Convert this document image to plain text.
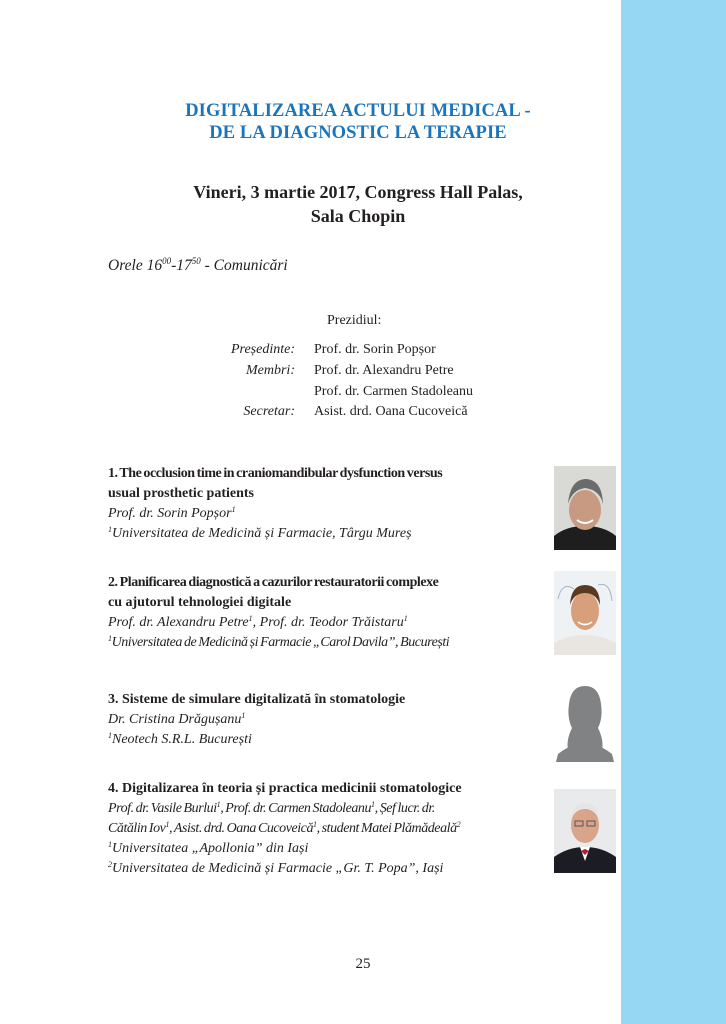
DIGITALIZAREA ACTULUI MEDICAL -
DE LA DIAGNOSTIC LA TERAPIE
Vineri, 3 martie 2017, Congress Hall Palas,
Sala Chopin
Orele $16^{00}-17^{50}$ - Comunicări
Prezidiul:
Președinte: Prof. dr. Sorin Popșor
Membri: Prof. dr. Alexandru Petre
Prof. dr. Carmen Stadoleanu
Secretar: Asist. drd. Oana Cucoveică
1. The occlusion time in craniomandibular dysfunction versus
usual prosthetic patients
Prof. dr. Sorin Popșor$^1$
$^1$Universitatea de Medicină și Farmacie, Târgu Mureș
2. Planificarea diagnostică a cazurilor restauratorii complexe
cu ajutorul tehnologiei digitale
Prof. dr. Alexandru Petre$^1$, Prof. dr. Teodor Trăistaru$^1$
$^1$Universitatea de Medicină și Farmacie „Carol Davila”, București
3. Sisteme de simulare digitalizată în stomatologie
Dr. Cristina Drăgușanu$^1$
$^1$Neotech S.R.L. București
4. Digitalizarea în teoria și practica medicinii stomatologice
Prof. dr. Vasile Burlui$^1$, Prof. dr. Carmen Stadoleanu$^1$, Șef lucr. dr.
Cătălin Iov$^1$, Asist. drd. Oana Cucoveică$^1$, student Matei Plămădeală$^2$
$^1$Universitatea „Apollonia” din Iași
$^2$Universitatea de Medicină și Farmacie „Gr. T. Popa”, Iași
25
